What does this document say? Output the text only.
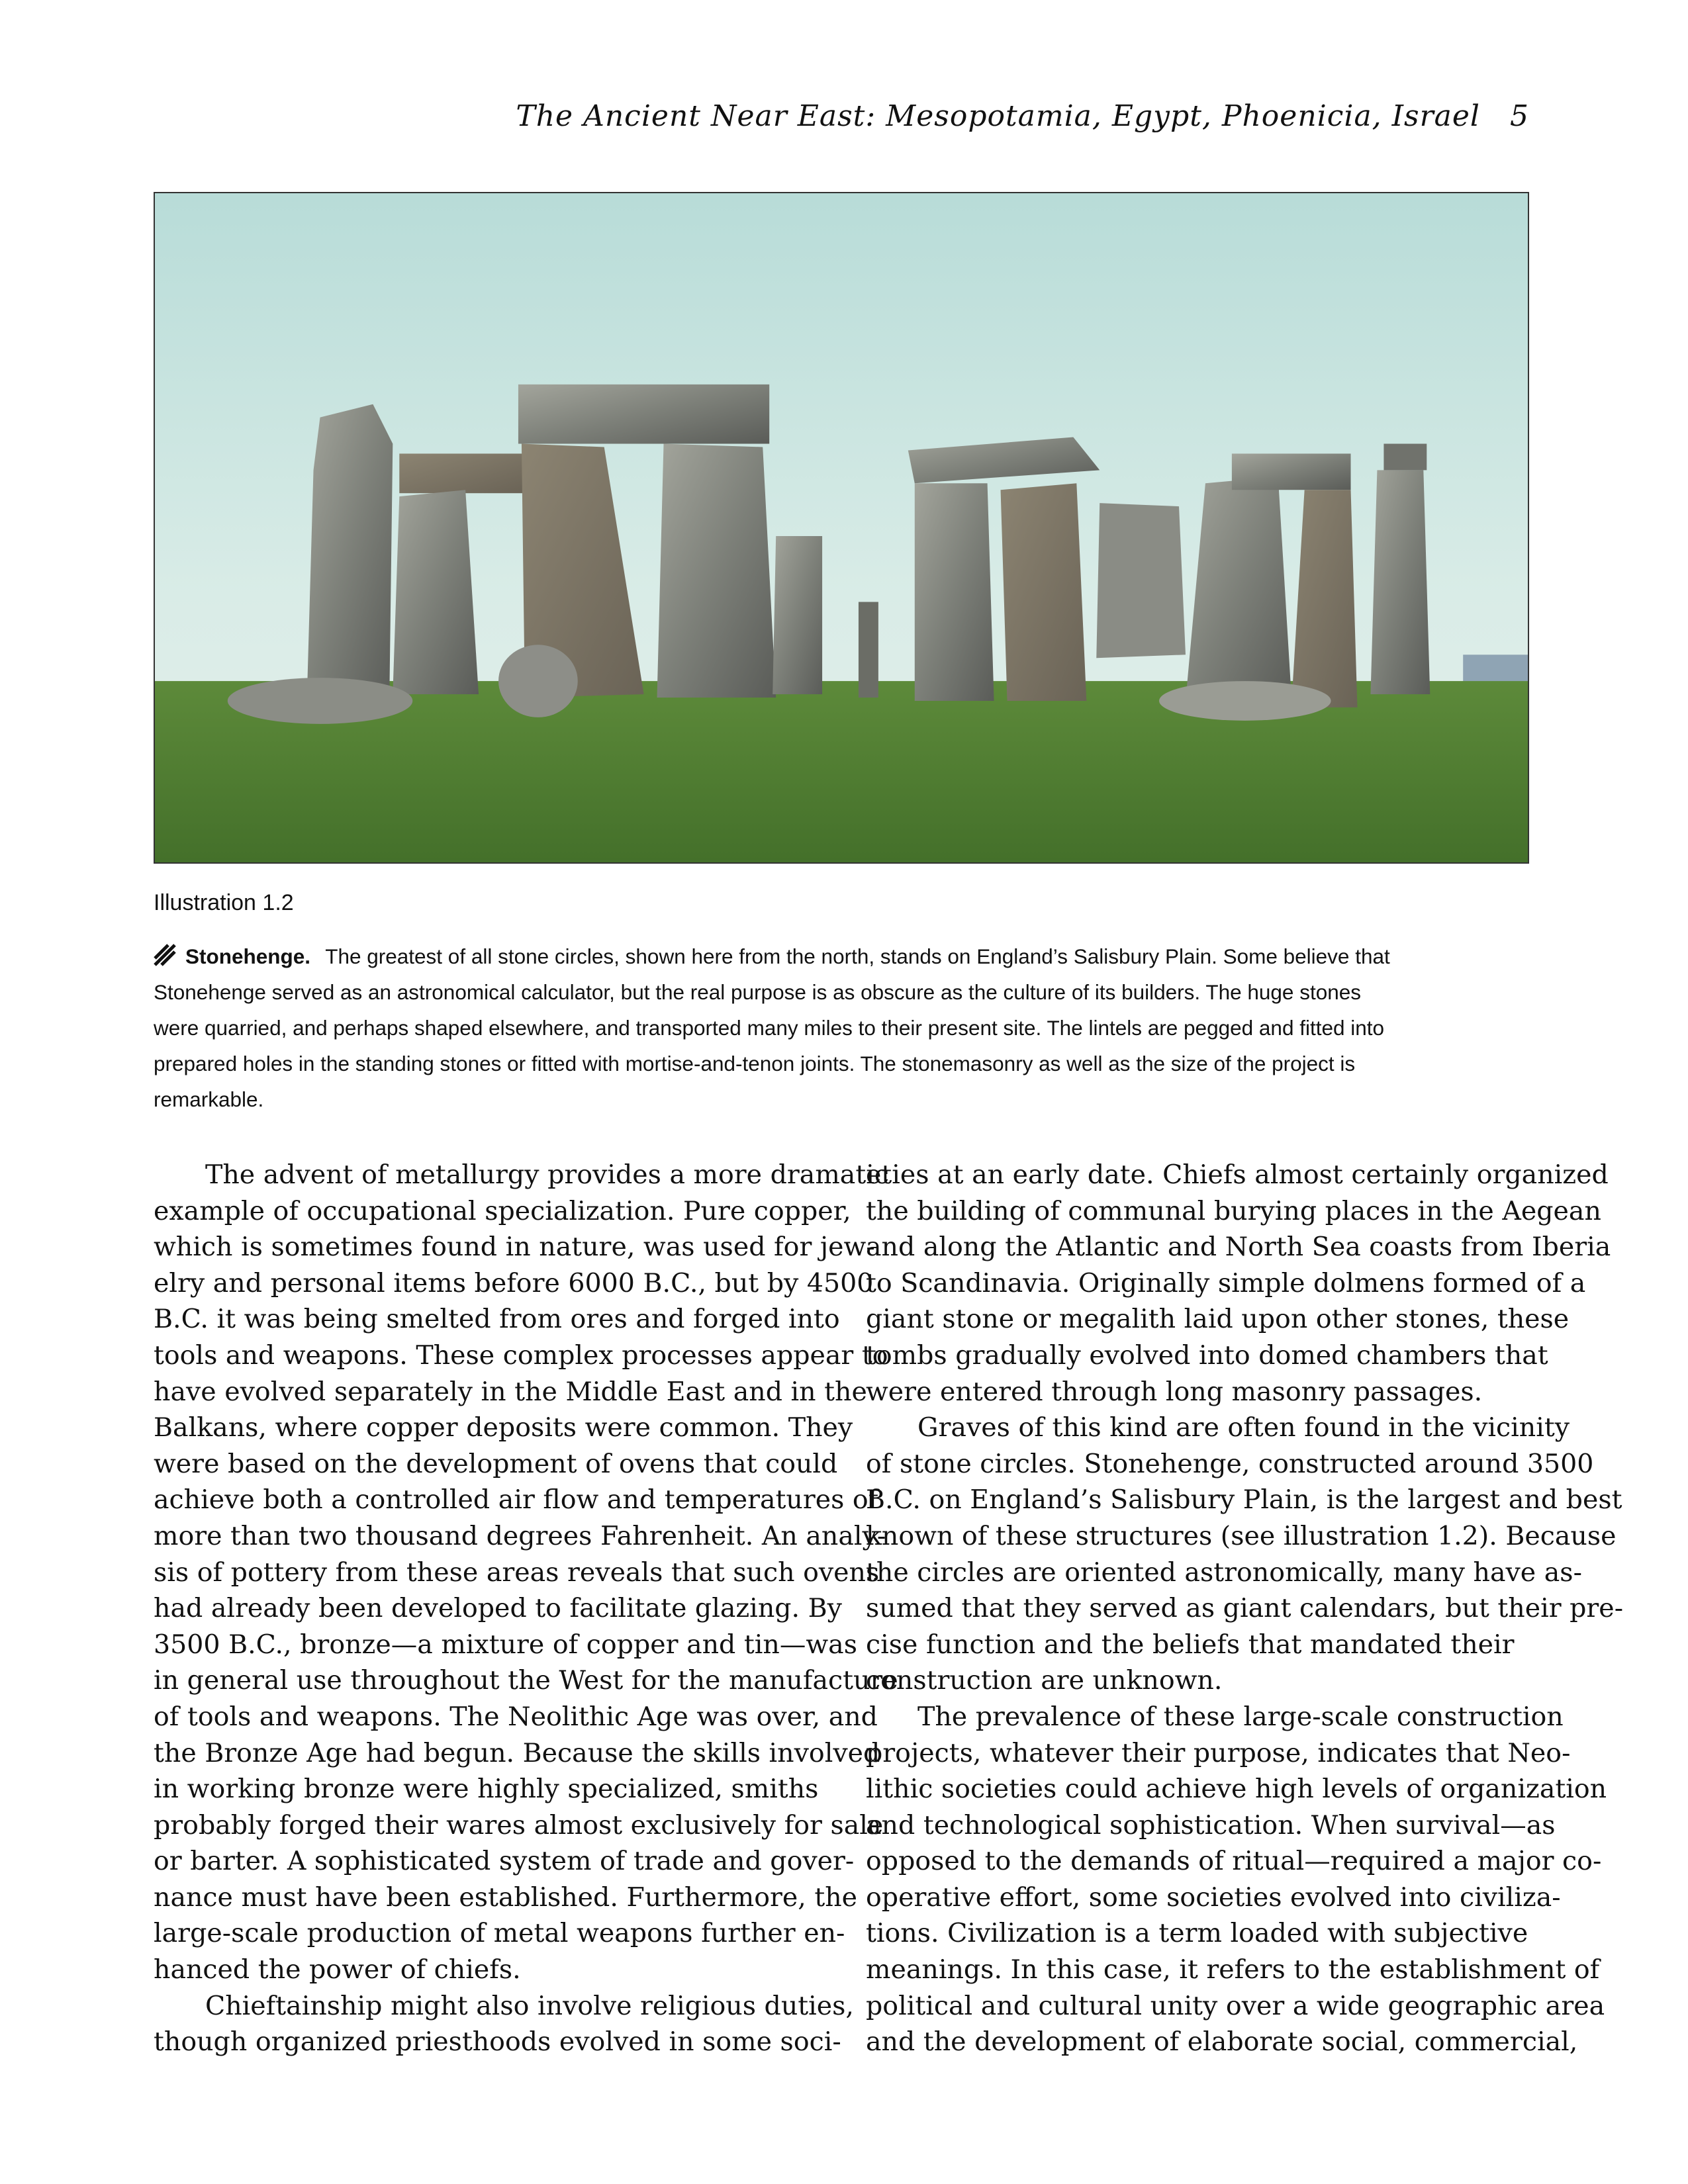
The Ancient Near East: Mesopotamia, Egypt, Phoenicia, Israel 5
Illustration 1.2
Stonehenge. The greatest of all stone circles, shown here from the north, stands on England’s Salisbury Plain. Some believe that
Stonehenge served as an astronomical calculator, but the real purpose is as obscure as the culture of its builders. The huge stones
were quarried, and perhaps shaped elsewhere, and transported many miles to their present site. The lintels are pegged and fitted into
prepared holes in the standing stones or fitted with mortise-and-tenon joints. The stonemasonry as well as the size of the project is
remarkable.
The advent of metallurgy provides a more dramatic
example of occupational specialization. Pure copper,
which is sometimes found in nature, was used for jew-
elry and personal items before 6000 B.C., but by 4500
B.C. it was being smelted from ores and forged into
tools and weapons. These complex processes appear to
have evolved separately in the Middle East and in the
Balkans, where copper deposits were common. They
were based on the development of ovens that could
achieve both a controlled air flow and temperatures of
more than two thousand degrees Fahrenheit. An analy-
sis of pottery from these areas reveals that such ovens
had already been developed to facilitate glazing. By
3500 B.C., bronze—a mixture of copper and tin—was
in general use throughout the West for the manufacture
of tools and weapons. The Neolithic Age was over, and
the Bronze Age had begun. Because the skills involved
in working bronze were highly specialized, smiths
probably forged their wares almost exclusively for sale
or barter. A sophisticated system of trade and gover-
nance must have been established. Furthermore, the
large-scale production of metal weapons further en-
hanced the power of chiefs.
Chieftainship might also involve religious duties,
though organized priesthoods evolved in some soci-
eties at an early date. Chiefs almost certainly organized
the building of communal burying places in the Aegean
and along the Atlantic and North Sea coasts from Iberia
to Scandinavia. Originally simple dolmens formed of a
giant stone or megalith laid upon other stones, these
tombs gradually evolved into domed chambers that
were entered through long masonry passages.
Graves of this kind are often found in the vicinity
of stone circles. Stonehenge, constructed around 3500
B.C. on England’s Salisbury Plain, is the largest and best
known of these structures (see illustration 1.2). Because
the circles are oriented astronomically, many have as-
sumed that they served as giant calendars, but their pre-
cise function and the beliefs that mandated their
construction are unknown.
The prevalence of these large-scale construction
projects, whatever their purpose, indicates that Neo-
lithic societies could achieve high levels of organization
and technological sophistication. When survival—as
opposed to the demands of ritual—required a major co-
operative effort, some societies evolved into civiliza-
tions. Civilization is a term loaded with subjective
meanings. In this case, it refers to the establishment of
political and cultural unity over a wide geographic area
and the development of elaborate social, commercial,
